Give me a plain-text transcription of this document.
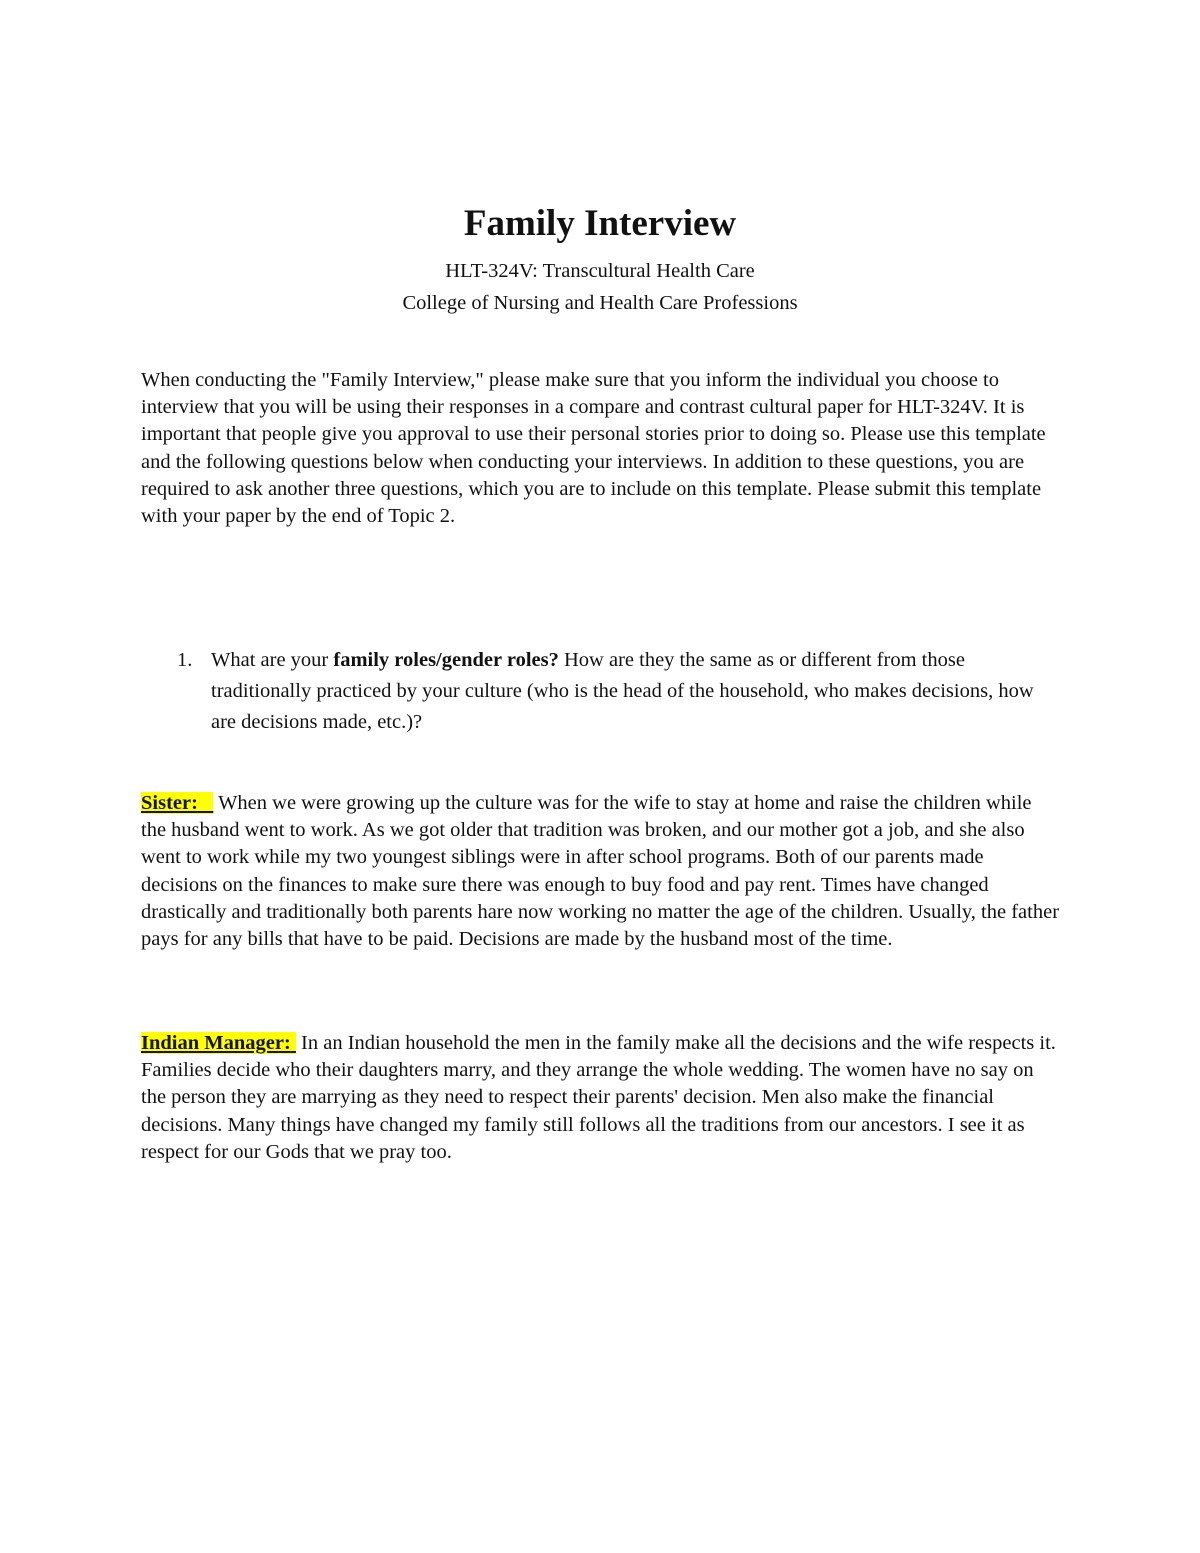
Family Interview

HLT-324V: Transcultural Health Care

College of Nursing and Health Care Professions

When conducting the "Family Interview," please make sure that you inform the individual you choose to interview that you will be using their responses in a compare and contrast cultural paper for HLT-324V. It is important that people give you approval to use their personal stories prior to doing so. Please use this template and the following questions below when conducting your interviews. In addition to these questions, you are required to ask another three questions, which you are to include on this template. Please submit this template with your paper by the end of Topic 2.

1. What are your family roles/gender roles? How are they the same as or different from those traditionally practiced by your culture (who is the head of the household, who makes decisions, how are decisions made, etc.)?

Sister: When we were growing up the culture was for the wife to stay at home and raise the children while the husband went to work. As we got older that tradition was broken, and our mother got a job, and she also went to work while my two youngest siblings were in after school programs. Both of our parents made decisions on the finances to make sure there was enough to buy food and pay rent. Times have changed drastically and traditionally both parents hare now working no matter the age of the children. Usually, the father pays for any bills that have to be paid. Decisions are made by the husband most of the time.

Indian Manager: In an Indian household the men in the family make all the decisions and the wife respects it. Families decide who their daughters marry, and they arrange the whole wedding. The women have no say on the person they are marrying as they need to respect their parents' decision. Men also make the financial decisions. Many things have changed my family still follows all the traditions from our ancestors. I see it as respect for our Gods that we pray too.
